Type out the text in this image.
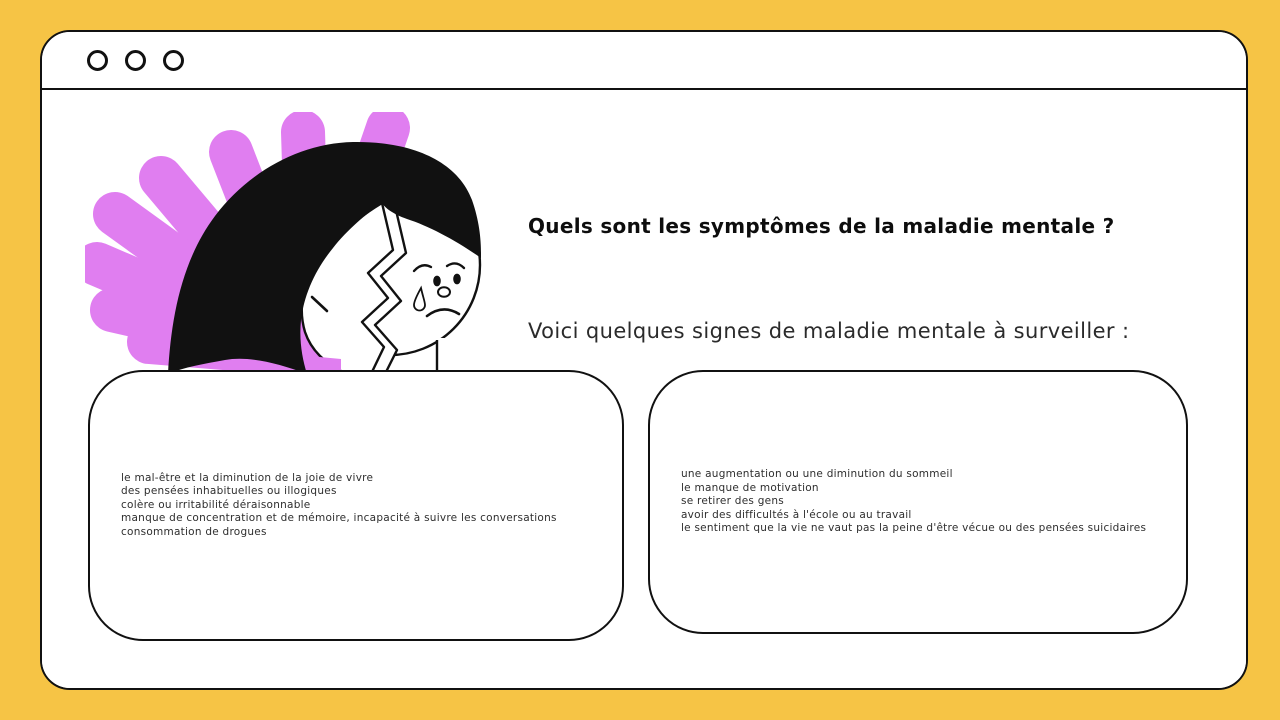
Quels sont les symptômes de la maladie mentale ?

Voici quelques signes de maladie mentale à surveiller :

le mal-être et la diminution de la joie de vivre
des pensées inhabituelles ou illogiques
colère ou irritabilité déraisonnable
manque de concentration et de mémoire, incapacité à suivre les conversations
consommation de drogues
une augmentation ou une diminution du sommeil
le manque de motivation
se retirer des gens
avoir des difficultés à l'école ou au travail
le sentiment que la vie ne vaut pas la peine d'être vécue ou des pensées suicidaires
